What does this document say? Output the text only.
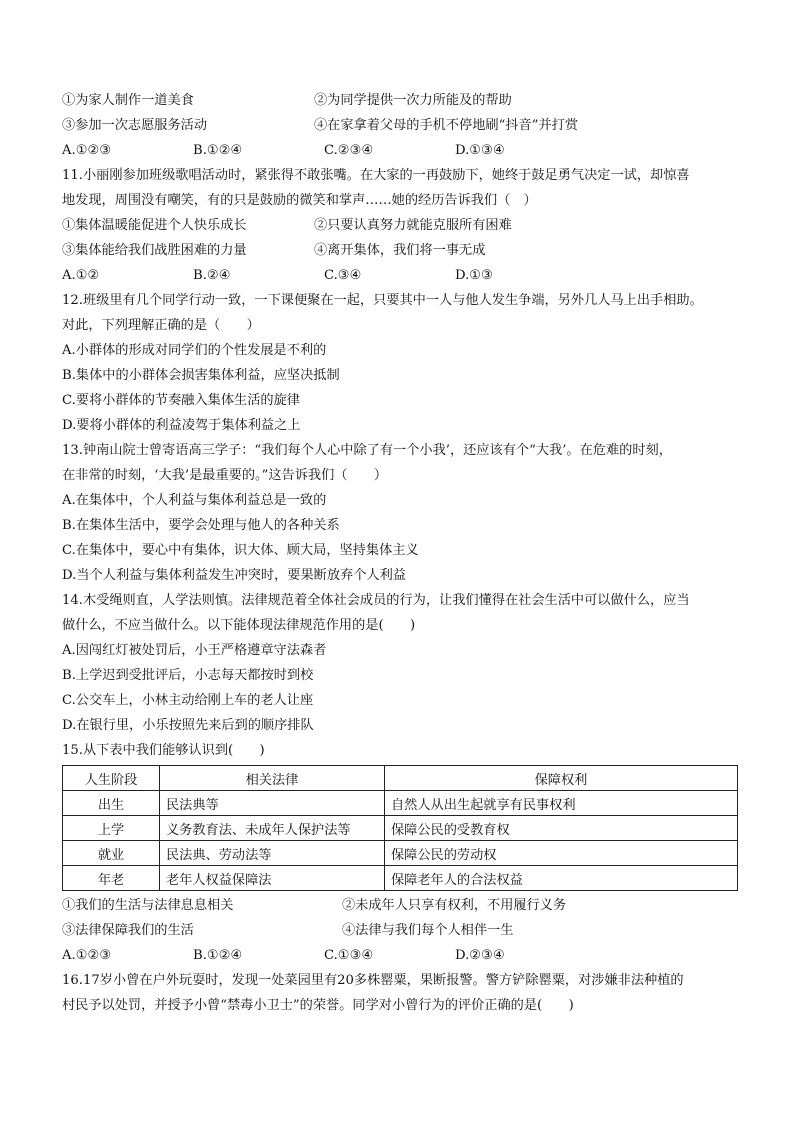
①为家人制作一道美食	②为同学提供一次力所能及的帮助
③参加一次志愿服务活动	④在家拿着父母的手机不停地刷“抖音”并打赏
A.①②③	B.①②④	C.②③④	D.①③④
11.小丽刚参加班级歌唱活动时，紧张得不敢张嘴。在大家的一再鼓励下，她终于鼓足勇气决定一试，却惊喜
地发现，周围没有嘲笑，有的只是鼓励的微笑和掌声……她的经历告诉我们（　）
①集体温暖能促进个人快乐成长	②只要认真努力就能克服所有困难
③集体能给我们战胜困难的力量	④离开集体，我们将一事无成
A.①②	B.②④	C.③④	D.①③
12.班级里有几个同学行动一致，一下课便聚在一起，只要其中一人与他人发生争端，另外几人马上出手相助。
对此，下列理解正确的是（　　）
A.小群体的形成对同学们的个性发展是不利的
B.集体中的小群体会损害集体利益，应坚决抵制
C.要将小群体的节奏融入集体生活的旋律
D.要将小群体的利益凌驾于集体利益之上
13.钟南山院士曾寄语高三学子：“我们每个人心中除了有一个小我’，还应该有个“大我’。在危难的时刻，
在非常的时刻，‘大我’是最重要的。”这告诉我们（　　）
A.在集体中，个人利益与集体利益总是一致的
B.在集体生活中，要学会处理与他人的各种关系
C.在集体中，要心中有集体，识大体、顾大局，坚持集体主义
D.当个人利益与集体利益发生冲突时，要果断放弃个人利益
14.木受绳则直，人学法则慎。法律规范着全体社会成员的行为，让我们懂得在社会生活中可以做什么，应当
做什么，不应当做什么。以下能体现法律规范作用的是(　　)
A.因闯红灯被处罚后，小王严格遵章守法森者
B.上学迟到受批评后，小志每天都按时到校
C.公交车上，小林主动给刚上车的老人让座
D.在银行里，小乐按照先来后到的顺序排队
15.从下表中我们能够认识到(　　)
人生阶段	相关法律	保障权利
出生	民法典等	自然人从出生起就享有民事权利
上学	义务教育法、未成年人保护法等	保障公民的受教育权
就业	民法典、劳动法等	保障公民的劳动权
年老	老年人权益保障法	保障老年人的合法权益
①我们的生活与法律息息相关	②未成年人只享有权利，不用履行义务
③法律保障我们的生活	④法律与我们每个人相伴一生
A.①②③	B.①②④	C.①③④	D.②③④
16.17岁小曾在户外玩耍时，发现一处菜园里有20多株罂粟，果断报警。警方铲除罂粟，对涉嫌非法种植的
村民予以处罚，并授予小曾“禁毒小卫士”的荣誉。同学对小曾行为的评价正确的是(　　)
